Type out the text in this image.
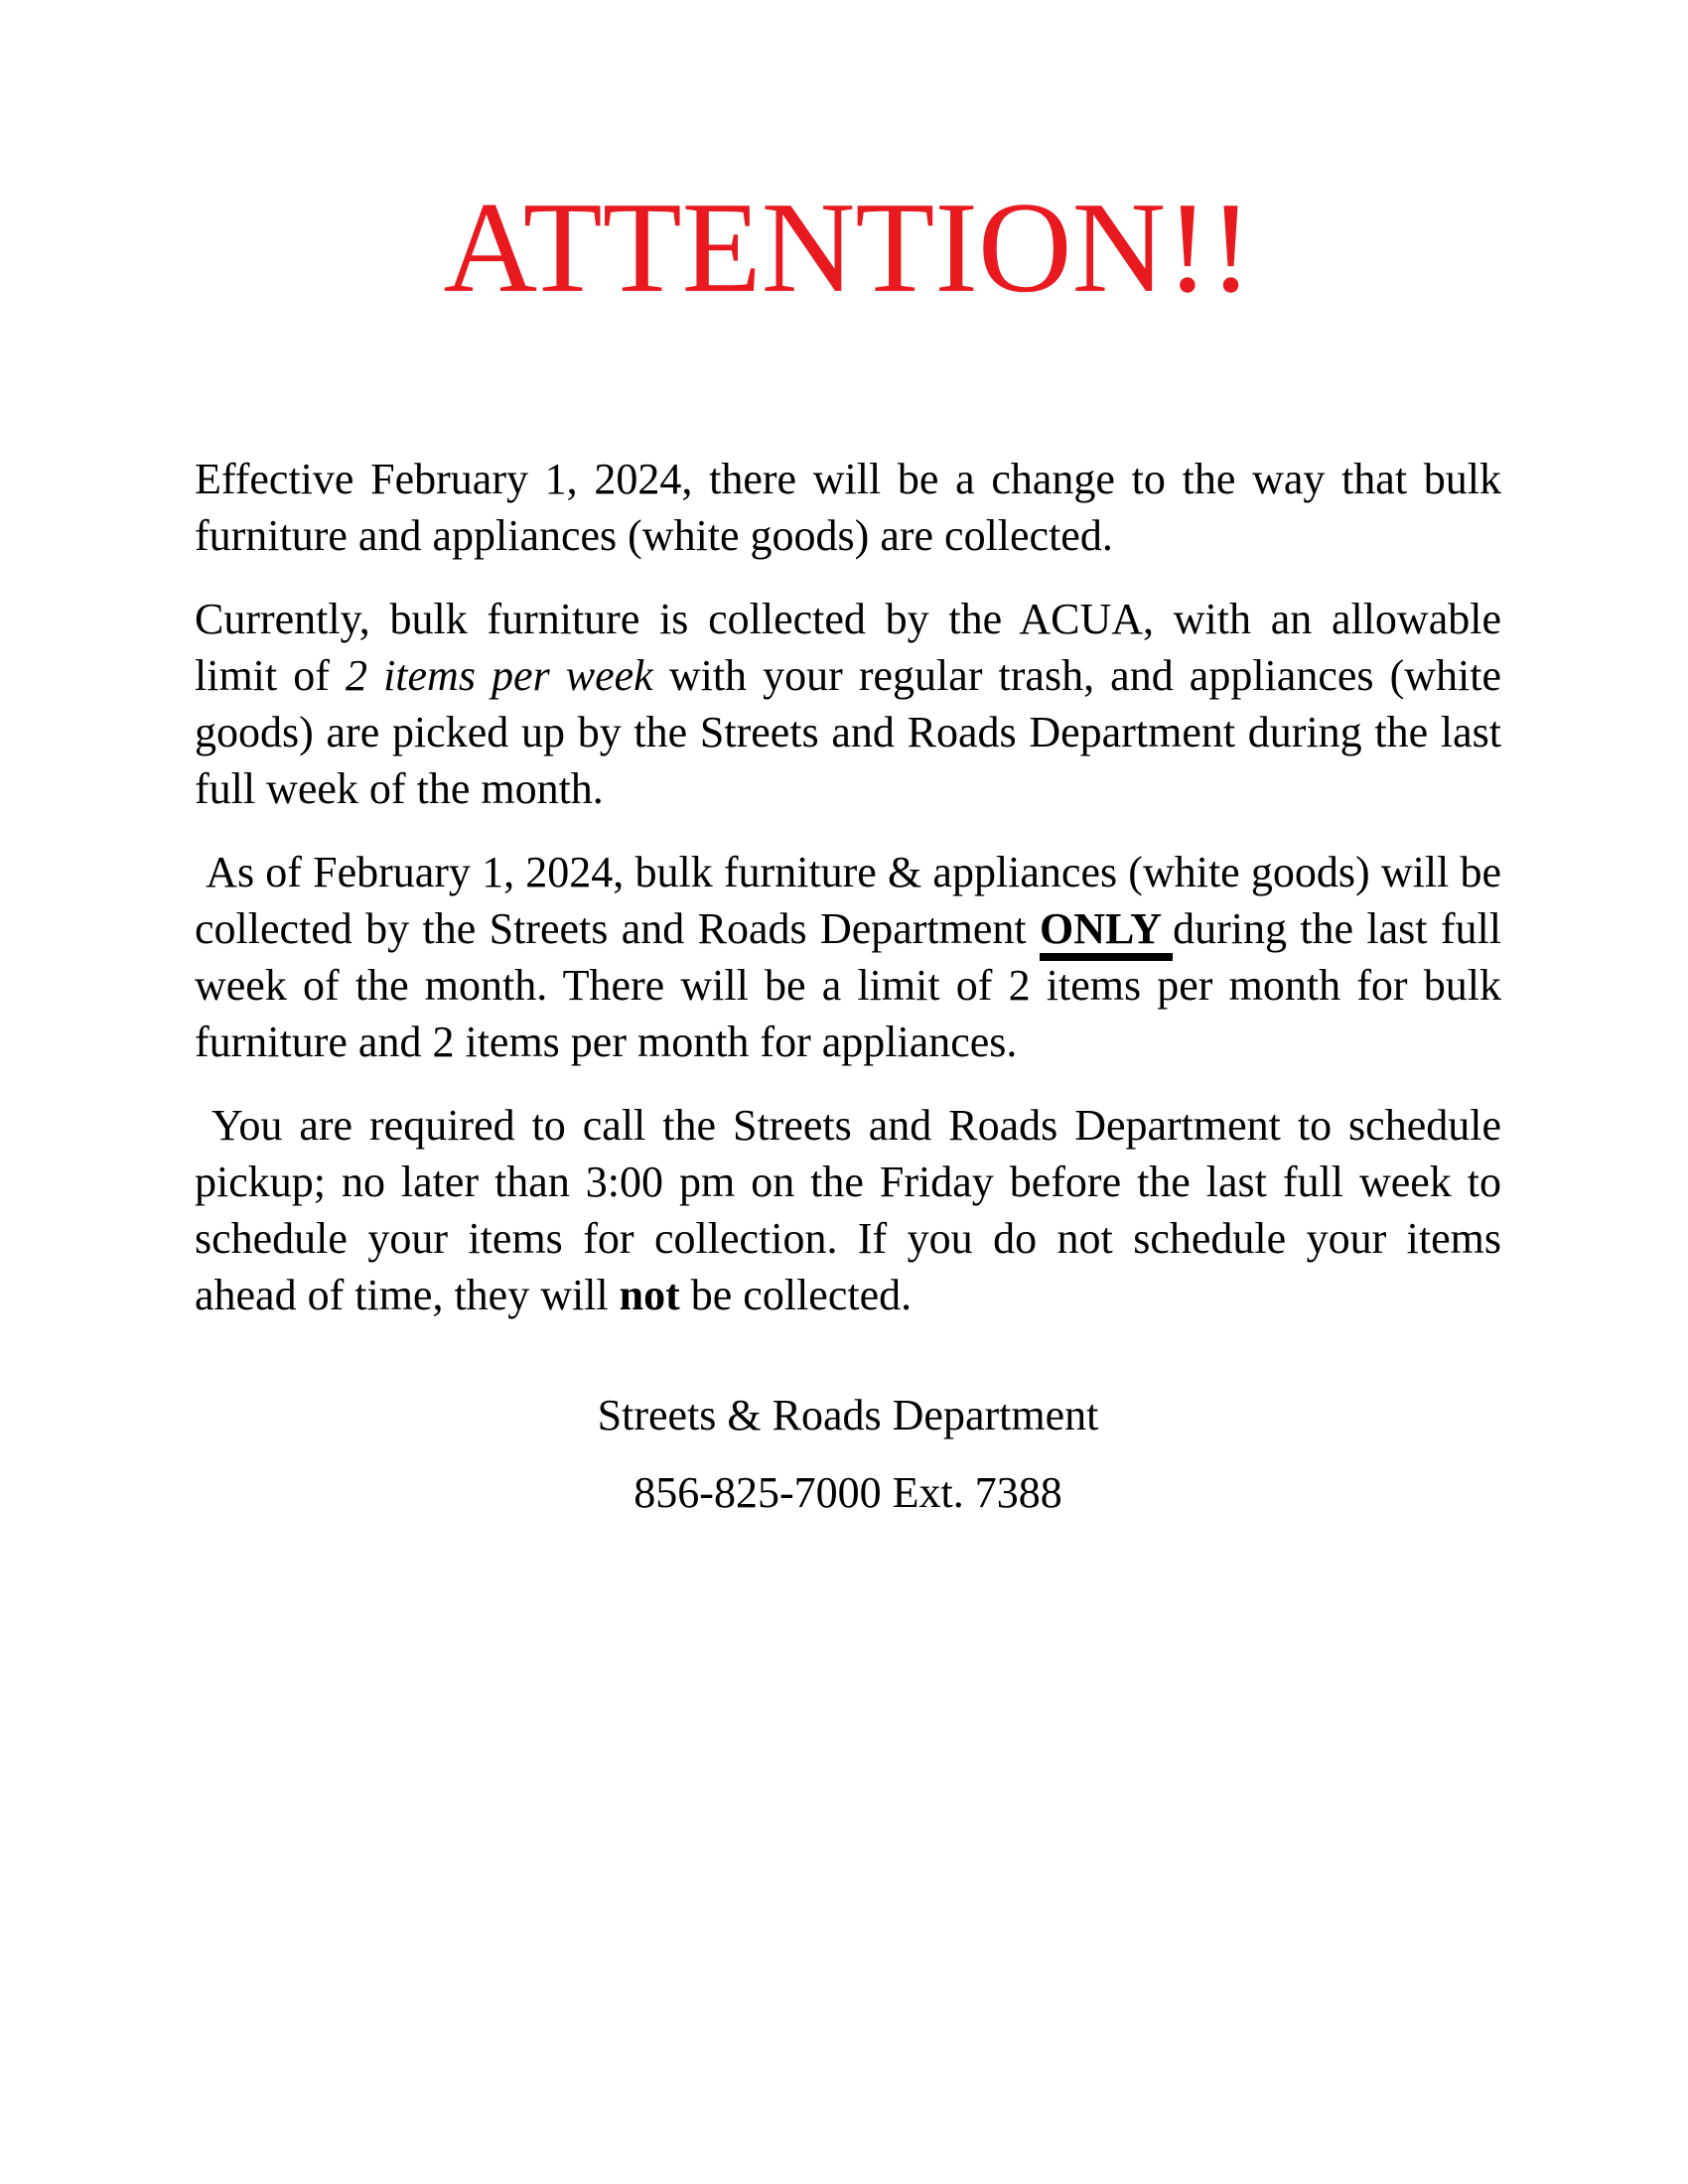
ATTENTION!!

Effective February 1, 2024, there will be a change to the way that bulk furniture and appliances (white goods) are collected.

Currently, bulk furniture is collected by the ACUA, with an allowable limit of 2 items per week with your regular trash, and appliances (white goods) are picked up by the Streets and Roads Department during the last full week of the month.

As of February 1, 2024, bulk furniture & appliances (white goods) will be collected by the Streets and Roads Department ONLY during the last full week of the month. There will be a limit of 2 items per month for bulk furniture and 2 items per month for appliances.

You are required to call the Streets and Roads Department to schedule pickup; no later than 3:00 pm on the Friday before the last full week to schedule your items for collection. If you do not schedule your items ahead of time, they will not be collected.

Streets & Roads Department

856-825-7000 Ext. 7388
